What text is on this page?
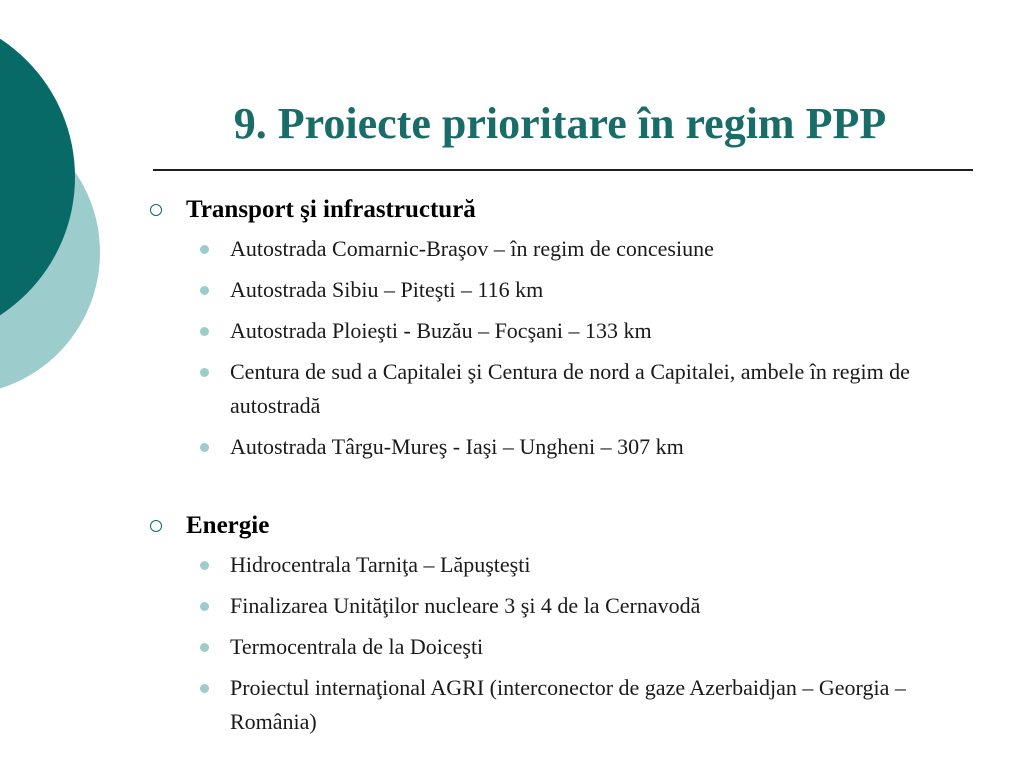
9. Proiecte prioritare în regim PPP
Transport şi infrastructură
Autostrada Comarnic-Braşov – în regim de concesiune
Autostrada Sibiu – Piteşti – 116 km
Autostrada Ploieşti - Buzău – Focşani – 133 km
Centura de sud a Capitalei şi Centura de nord a Capitalei, ambele în regim de autostradă
Autostrada Târgu-Mureş - Iaşi – Ungheni – 307 km
Energie
Hidrocentrala Tarniţa – Lăpuşteşti
Finalizarea Unităţilor nucleare 3 şi 4 de la Cernavodă
Termocentrala de la Doiceşti
Proiectul internaţional AGRI (interconector de gaze Azerbaidjan – Georgia – România)
